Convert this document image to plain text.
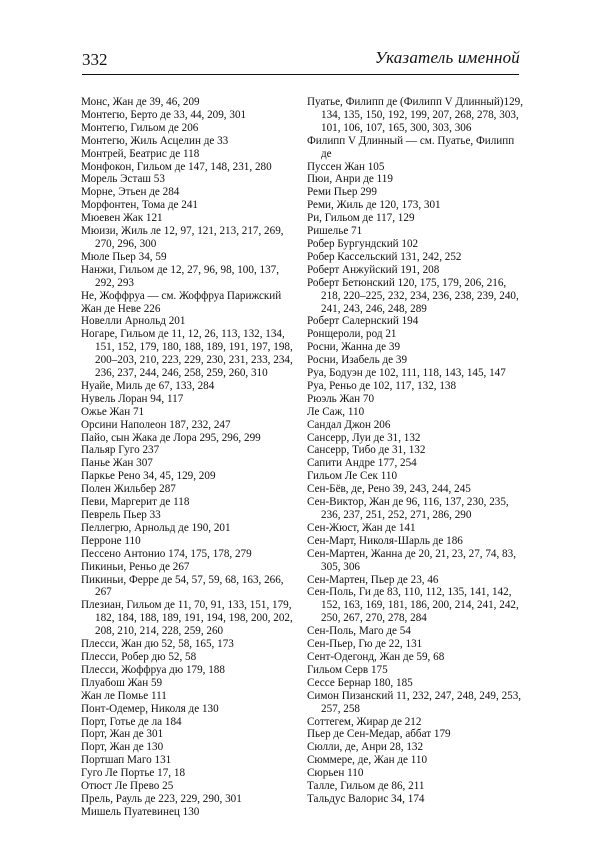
332	Указатель именной
Монс, Жан де 39, 46, 209
Монтегю, Берто де 33, 44, 209, 301
Монтегю, Гильом де 206
Монтегю, Жиль Асцелин де 33
Монтрей, Беатрис де 118
Монфокон, Гильом де 147, 148, 231, 280
Морель Эсташ 53
Морне, Этьен де 284
Морфонтен, Тома де 241
Мюевен Жак 121
Мюизи, Жиль ле 12, 97, 121, 213, 217, 269, 270, 296, 300
Мюле Пьер 34, 59
Нанжи, Гильом де 12, 27, 96, 98, 100, 137, 292, 293
Не, Жоффруа — см. Жоффруа Парижский
Жан де Неве 226
Новелли Арнольд 201
Ногаре, Гильом де 11, 12, 26, 113, 132, 134, 151, 152, 179, 180, 188, 189, 191, 197, 198, 200–203, 210, 223, 229, 230, 231, 233, 234, 236, 237, 244, 246, 258, 259, 260, 310
Нуайе, Миль де 67, 133, 284
Нувель Лоран 94, 117
Ожье Жан 71
Орсини Наполеон 187, 232, 247
Пайо, сын Жака де Лора 295, 296, 299
Пальяр Гуго 237
Панье Жан 307
Паркье Рено 34, 45, 129, 209
Полен Жильбер 287
Певи, Маргерит де 118
Певрель Пьер 33
Пеллегрю, Арнольд де 190, 201
Перроне 110
Пессено Антонио 174, 175, 178, 279
Пикиньи, Реньо де 267
Пикиньи, Ферре де 54, 57, 59, 68, 163, 266, 267
Плезиан, Гильом де 11, 70, 91, 133, 151, 179, 182, 184, 188, 189, 191, 194, 198, 200, 202, 208, 210, 214, 228, 259, 260
Плесси, Жан дю 52, 58, 165, 173
Плесси, Робер дю 52, 58
Плесси, Жоффруа дю 179, 188
Плуабош Жан 59
Жан ле Помье 111
Понт-Одемер, Николя де 130
Порт, Готье де ла 184
Порт, Жан де 301
Порт, Жан де 130
Портшап Маго 131
Гуго Ле Портье 17, 18
Отюст Ле Прево 25
Прель, Рауль де 223, 229, 290, 301
Мишель Пуатевинец 130
Пуатье, Филипп де (Филипп V Длинный)129, 134, 135, 150, 192, 199, 207, 268, 278, 303, 101, 106, 107, 165, 300, 303, 306
Филипп V Длинный — см. Пуатье, Филипп де
Пуссен Жан 105
Пюи, Анри де 119
Реми Пьер 299
Реми, Жиль де 120, 173, 301
Ри, Гильом де 117, 129
Ришелье 71
Робер Бургундский 102
Робер Кассельский 131, 242, 252
Роберт Анжуйский 191, 208
Роберт Бетюнский 120, 175, 179, 206, 216, 218, 220–225, 232, 234, 236, 238, 239, 240, 241, 243, 246, 248, 289
Роберт Салернский 194
Ронщероли, род 21
Росни, Жанна де 39
Росни, Изабель де 39
Руа, Бодуэн де 102, 111, 118, 143, 145, 147
Руа, Реньо де 102, 117, 132, 138
Рюэль Жан 70
Ле Саж, 110
Сандал Джон 206
Сансерр, Луи де 31, 132
Сансерр, Тибо де 31, 132
Сапити Андре 177, 254
Гильом Ле Сек 110
Сен-Бёв, де, Рено 39, 243, 244, 245
Сен-Виктор, Жан де 96, 116, 137, 230, 235, 236, 237, 251, 252, 271, 286, 290
Сен-Жюст, Жан де 141
Сен-Март, Николя-Шарль де 186
Сен-Мартен, Жанна де 20, 21, 23, 27, 74, 83, 305, 306
Сен-Мартен, Пьер де 23, 46
Сен-Поль, Ги де 83, 110, 112, 135, 141, 142, 152, 163, 169, 181, 186, 200, 214, 241, 242, 250, 267, 270, 278, 284
Сен-Поль, Маго де 54
Сен-Пьер, Гю де 22, 131
Сент-Одегонд, Жан де 59, 68
Гильом Серв 175
Сессе Бернар 180, 185
Симон Пизанский 11, 232, 247, 248, 249, 253, 257, 258
Соттегем, Жирар де 212
Пьер де Сен-Медар, аббат 179
Сюлли, де, Анри 28, 132
Сюммере, де, Жан де 110
Сюрьен 110
Талле, Гильом де 86, 211
Тальдус Валорис 34, 174
